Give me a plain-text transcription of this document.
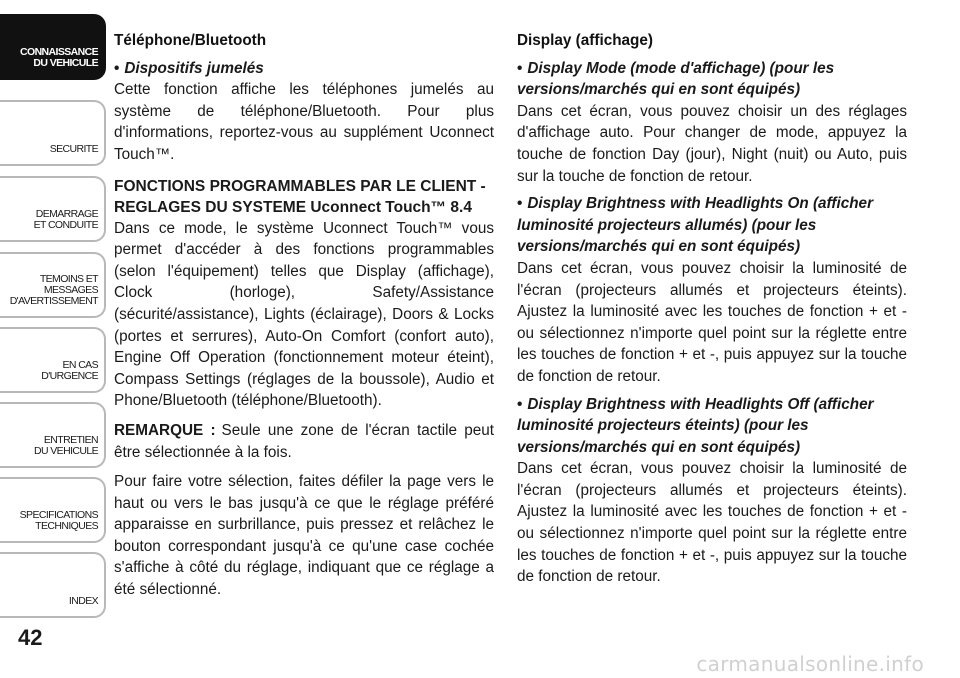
CONNAISSANCE
DU VEHICULE
SECURITE
DEMARRAGE
ET CONDUITE
TEMOINS ET
MESSAGES
D'AVERTISSEMENT
EN CAS
D'URGENCE
ENTRETIEN
DU VEHICULE
SPECIFICATIONS
TECHNIQUES
INDEX
42
Téléphone/Bluetooth
• Dispositifs jumelés
Cette fonction affiche les téléphones jumelés au système de téléphone/Bluetooth. Pour plus d'informations, reportez-vous au supplément Uconnect Touch™.
FONCTIONS PROGRAMMABLES PAR LE CLIENT - REGLAGES DU SYSTEME Uconnect Touch™ 8.4
Dans ce mode, le système Uconnect Touch™ vous permet d'accéder à des fonctions programmables (selon l'équipement) telles que Display (affichage), Clock (horloge), Safety/Assistance (sécurité/assistance), Lights (éclairage), Doors & Locks (portes et serrures), Auto-On Comfort (confort auto), Engine Off Operation (fonctionnement moteur éteint), Compass Settings (réglages de la boussole), Audio et Phone/Bluetooth (téléphone/Bluetooth).
REMARQUE : Seule une zone de l'écran tactile peut être sélectionnée à la fois.
Pour faire votre sélection, faites défiler la page vers le haut ou vers le bas jusqu'à ce que le réglage préféré apparaisse en surbrillance, puis pressez et relâchez le bouton correspondant jusqu'à ce qu'une case cochée s'affiche à côté du réglage, indiquant que ce réglage a été sélectionné.
Display (affichage)
• Display Mode (mode d'affichage) (pour les versions/marchés qui en sont équipés)
Dans cet écran, vous pouvez choisir un des réglages d'affichage auto. Pour changer de mode, appuyez la touche de fonction Day (jour), Night (nuit) ou Auto, puis sur la touche de fonction de retour.
• Display Brightness with Headlights On (afficher luminosité projecteurs allumés) (pour les versions/marchés qui en sont équipés)
Dans cet écran, vous pouvez choisir la luminosité de l'écran (projecteurs allumés et projecteurs éteints). Ajustez la luminosité avec les touches de fonction + et - ou sélectionnez n'importe quel point sur la réglette entre les touches de fonction + et -, puis appuyez sur la touche de fonction de retour.
• Display Brightness with Headlights Off (afficher luminosité projecteurs éteints) (pour les versions/marchés qui en sont équipés)
Dans cet écran, vous pouvez choisir la luminosité de l'écran (projecteurs allumés et projecteurs éteints). Ajustez la luminosité avec les touches de fonction + et - ou sélectionnez n'importe quel point sur la réglette entre les touches de fonction + et -, puis appuyez sur la touche de fonction de retour.
carmanualsonline.info
